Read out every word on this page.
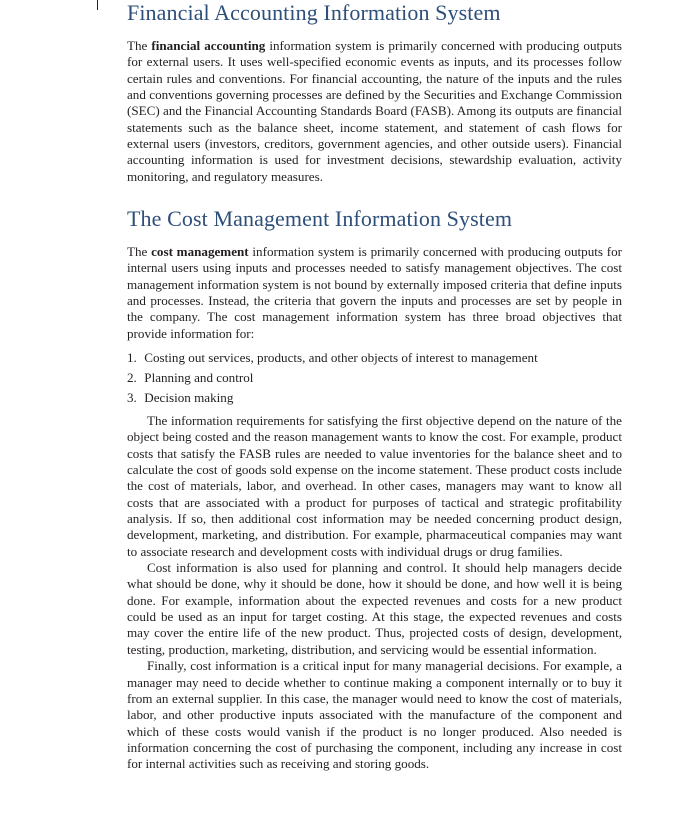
Financial Accounting Information System

The financial accounting information system is primarily concerned with producing outputs for external users. It uses well-specified economic events as inputs, and its processes follow certain rules and conventions. For financial accounting, the nature of the inputs and the rules and conventions governing processes are defined by the Securities and Exchange Commission (SEC) and the Financial Accounting Standards Board (FASB). Among its outputs are financial statements such as the balance sheet, income statement, and statement of cash flows for external users (investors, creditors, government agencies, and other outside users). Financial accounting information is used for investment decisions, stewardship evaluation, activity monitoring, and regulatory measures.

The Cost Management Information System

The cost management information system is primarily concerned with producing outputs for internal users using inputs and processes needed to satisfy management objectives. The cost management information system is not bound by externally imposed criteria that define inputs and processes. Instead, the criteria that govern the inputs and processes are set by people in the company. The cost management information system has three broad objectives that provide information for:

1. Costing out services, products, and other objects of interest to management
2. Planning and control
3. Decision making

The information requirements for satisfying the first objective depend on the nature of the object being costed and the reason management wants to know the cost. For example, product costs that satisfy the FASB rules are needed to value inventories for the balance sheet and to calculate the cost of goods sold expense on the income statement. These product costs include the cost of materials, labor, and overhead. In other cases, managers may want to know all costs that are associated with a product for purposes of tactical and strategic profitability analysis. If so, then additional cost information may be needed concerning product design, development, marketing, and distribution. For example, pharmaceutical companies may want to associate research and development costs with individual drugs or drug families.

Cost information is also used for planning and control. It should help managers decide what should be done, why it should be done, how it should be done, and how well it is being done. For example, information about the expected revenues and costs for a new product could be used as an input for target costing. At this stage, the expected revenues and costs may cover the entire life of the new product. Thus, projected costs of design, development, testing, production, marketing, distribution, and servicing would be essential information.

Finally, cost information is a critical input for many managerial decisions. For example, a manager may need to decide whether to continue making a component internally or to buy it from an external supplier. In this case, the manager would need to know the cost of materials, labor, and other productive inputs associated with the manufacture of the component and which of these costs would vanish if the product is no longer produced. Also needed is information concerning the cost of purchasing the component, including any increase in cost for internal activities such as receiving and storing goods.
